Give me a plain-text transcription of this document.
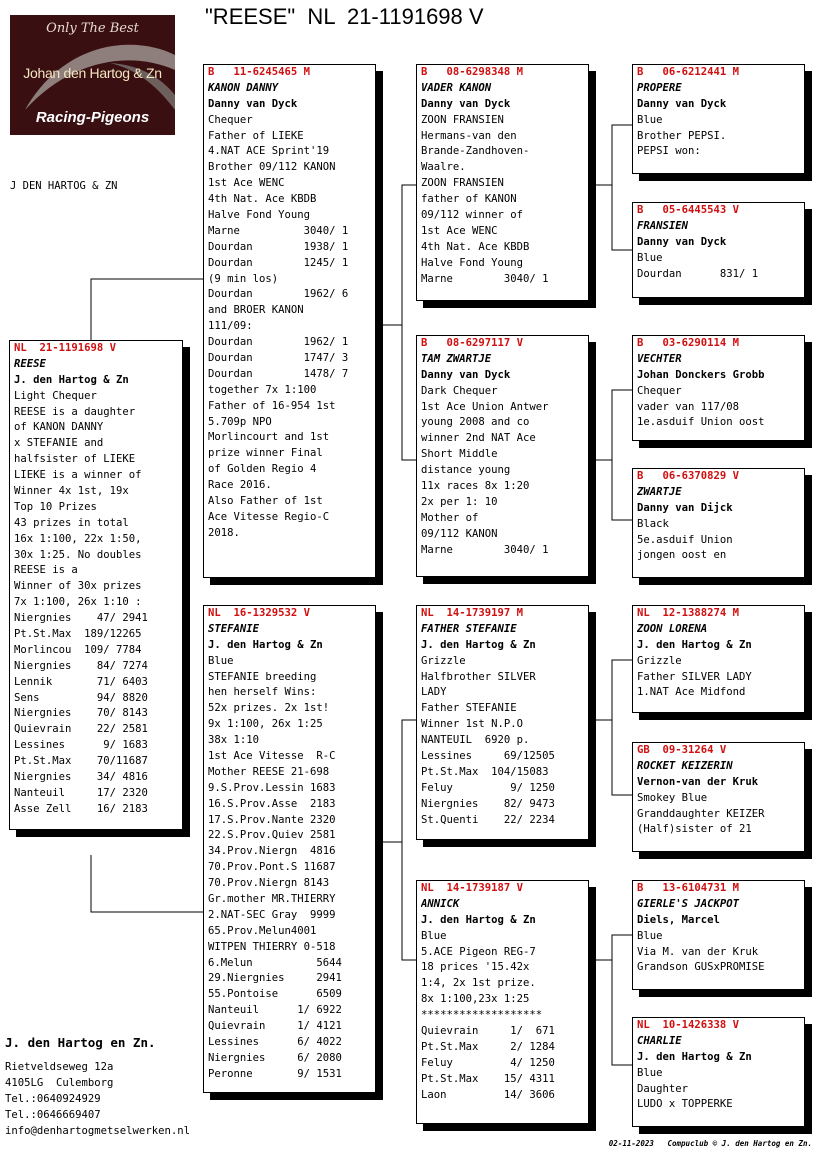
"REESE"  NL  21-1191698 V
Only The Best
Johan den Hartog & Zn
Racing-Pigeons
J DEN HARTOG & ZN
NL  21-1191698 V
REESE
J. den Hartog & Zn
Light Chequer
REESE is a daughter
of KANON DANNY
x STEFANIE and
halfsister of LIEKE
LIEKE is a winner of
Winner 4x 1st, 19x
Top 10 Prizes
43 prizes in total
16x 1:100, 22x 1:50,
30x 1:25. No doubles
REESE is a
Winner of 30x prizes
7x 1:100, 26x 1:10 :
Niergnies    47/ 2941
Pt.St.Max  189/12265
Morlincou  109/ 7784
Niergnies    84/ 7274
Lennik       71/ 6403
Sens         94/ 8820
Niergnies    70/ 8143
Quievrain    22/ 2581
Lessines      9/ 1683
Pt.St.Max    70/11687
Niergnies    34/ 4816
Nanteuil     17/ 2320
Asse Zell    16/ 2183
B   11-6245465 M
KANON DANNY
Danny van Dyck
Chequer
Father of LIEKE
4.NAT ACE Sprint'19
Brother 09/112 KANON
1st Ace WENC
4th Nat. Ace KBDB
Halve Fond Young
Marne          3040/ 1
Dourdan        1938/ 1
Dourdan        1245/ 1
(9 min los)
Dourdan        1962/ 6
and BROER KANON
111/09:
Dourdan        1962/ 1
Dourdan        1747/ 3
Dourdan        1478/ 7
together 7x 1:100
Father of 16-954 1st
5.709p NPO
Morlincourt and 1st
prize winner Final
of Golden Regio 4
Race 2016.
Also Father of 1st
Ace Vitesse Regio-C
2018.
NL  16-1329532 V
STEFANIE
J. den Hartog & Zn
Blue
STEFANIE breeding
hen herself Wins:
52x prizes. 2x 1st!
9x 1:100, 26x 1:25
38x 1:10
1st Ace Vitesse  R-C
Mother REESE 21-698
9.S.Prov.Lessin 1683
16.S.Prov.Asse  2183
17.S.Prov.Nante 2320
22.S.Prov.Quiev 2581
34.Prov.Niergn  4816
70.Prov.Pont.S 11687
70.Prov.Niergn 8143
Gr.mother MR.THIERRY
2.NAT-SEC Gray  9999
65.Prov.Melun4001
WITPEN THIERRY 0-518
6.Melun          5644
29.Niergnies     2941
55.Pontoise      6509
Nanteuil      1/ 6922
Quievrain     1/ 4121
Lessines      6/ 4022
Niergnies     6/ 2080
Peronne       9/ 1531
B   08-6298348 M
VADER KANON
Danny van Dyck
ZOON FRANSIEN
Hermans-van den
Brande-Zandhoven-
Waalre.
ZOON FRANSIEN
father of KANON
09/112 winner of
1st Ace WENC
4th Nat. Ace KBDB
Halve Fond Young
Marne        3040/ 1
B   08-6297117 V
TAM ZWARTJE
Danny van Dyck
Dark Chequer
1st Ace Union Antwer
young 2008 and co
winner 2nd NAT Ace
Short Middle
distance young
11x races 8x 1:20
2x per 1: 10
Mother of
09/112 KANON
Marne        3040/ 1
NL  14-1739197 M
FATHER STEFANIE
J. den Hartog & Zn
Grizzle
Halfbrother SILVER
LADY
Father STEFANIE
Winner 1st N.P.O
NANTEUIL  6920 p.
Lessines     69/12505
Pt.St.Max  104/15083
Feluy         9/ 1250
Niergnies    82/ 9473
St.Quenti    22/ 2234
NL  14-1739187 V
ANNICK
J. den Hartog & Zn
Blue
5.ACE Pigeon REG-7
18 prices '15.42x
1:4, 2x 1st prize.
8x 1:100,23x 1:25
*******************
Quievrain     1/  671
Pt.St.Max     2/ 1284
Feluy         4/ 1250
Pt.St.Max    15/ 4311
Laon         14/ 3606
B   06-6212441 M
PROPERE
Danny van Dyck
Blue
Brother PEPSI.
PEPSI won:
B   05-6445543 V
FRANSIEN
Danny van Dyck
Blue
Dourdan      831/ 1
B   03-6290114 M
VECHTER
Johan Donckers Grobb
Chequer
vader van 117/08
1e.asduif Union oost
B   06-6370829 V
ZWARTJE
Danny van Dijck
Black
5e.asduif Union
jongen oost en
NL  12-1388274 M
ZOON LORENA
J. den Hartog & Zn
Grizzle
Father SILVER LADY
1.NAT Ace Midfond
GB  09-31264 V
ROCKET KEIZERIN
Vernon-van der Kruk
Smokey Blue
Granddaughter KEIZER
(Half)sister of 21
B   13-6104731 M
GIERLE'S JACKPOT
Diels, Marcel
Blue
Via M. van der Kruk
Grandson GUSxPROMISE
NL  10-1426338 V
CHARLIE
J. den Hartog & Zn
Blue
Daughter
LUDO x TOPPERKE
J. den Hartog en Zn.
Rietveldseweg 12a
4105LG  Culemborg
Tel.:0640924929
Tel.:0646669407
info@denhartogmetselwerken.nl
02-11-2023   Compuclub © J. den Hartog en Zn.
